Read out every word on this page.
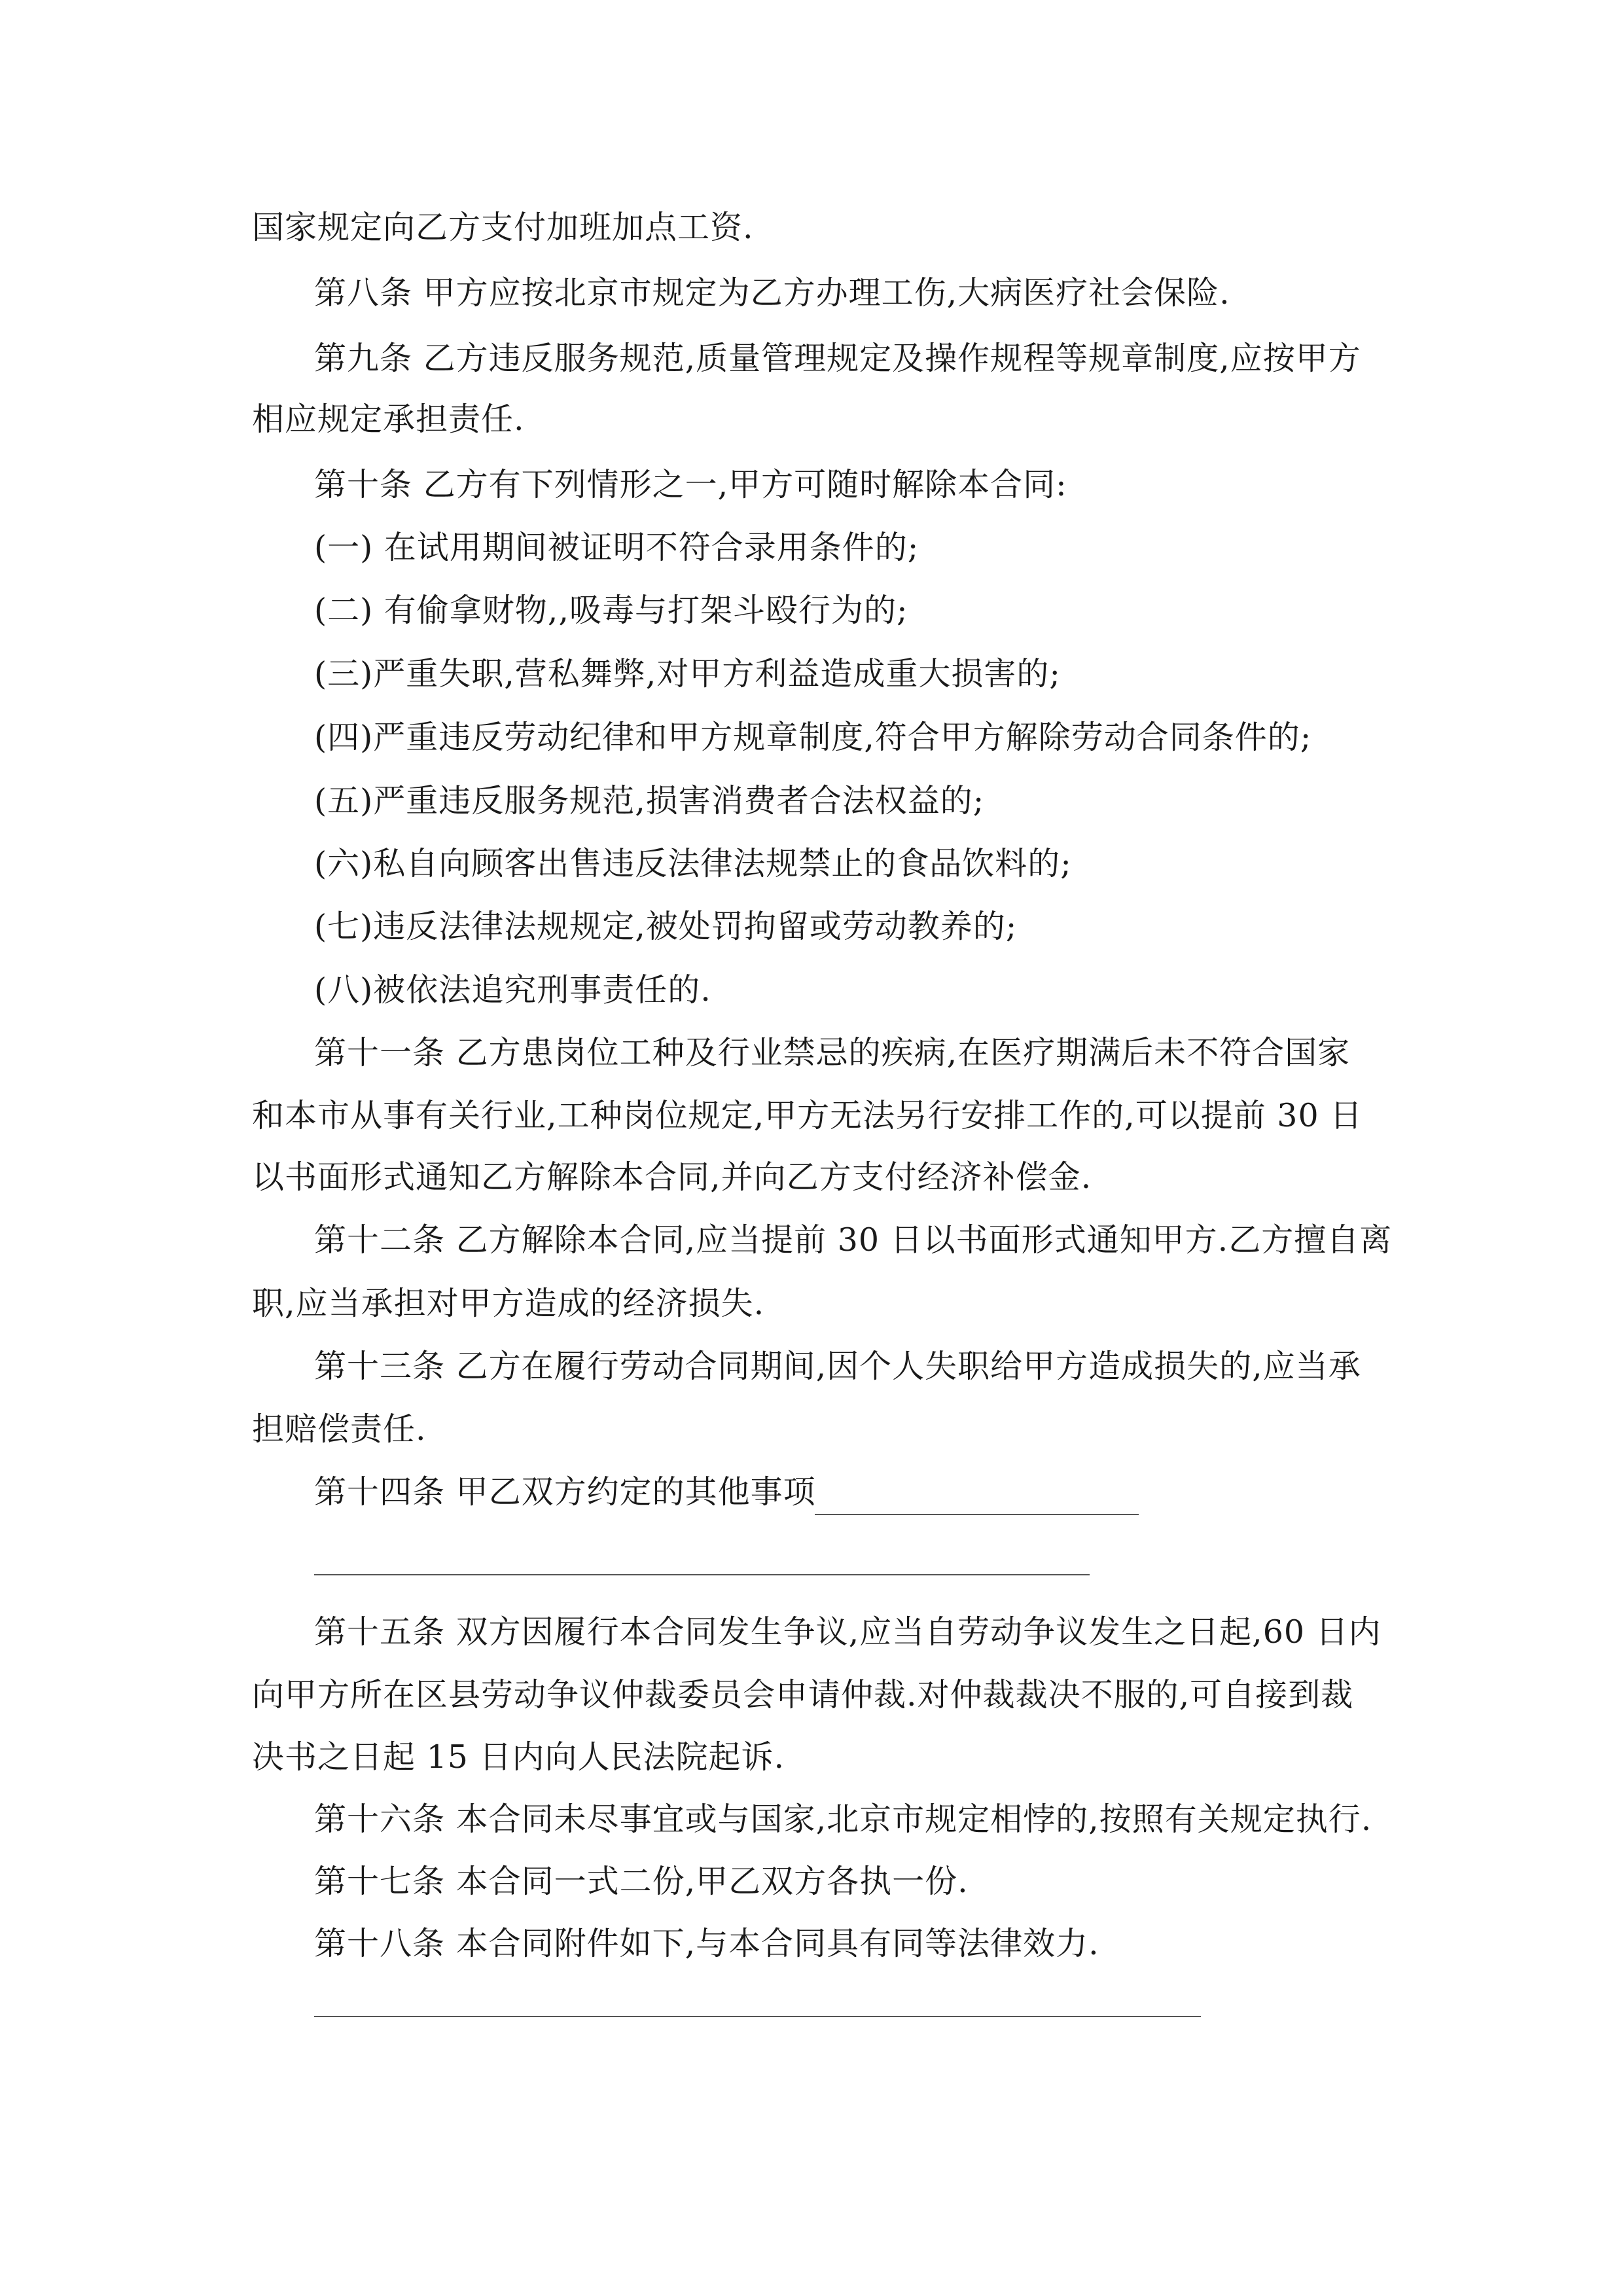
国家规定向乙方支付加班加点工资.
第八条 甲方应按北京市规定为乙方办理工伤,大病医疗社会保险.
第九条 乙方违反服务规范,质量管理规定及操作规程等规章制度,应按甲方
相应规定承担责任.
第十条 乙方有下列情形之一,甲方可随时解除本合同:
(一) 在试用期间被证明不符合录用条件的;
(二) 有偷拿财物,,吸毒与打架斗殴行为的;
(三)严重失职,营私舞弊,对甲方利益造成重大损害的;
(四)严重违反劳动纪律和甲方规章制度,符合甲方解除劳动合同条件的;
(五)严重违反服务规范,损害消费者合法权益的;
(六)私自向顾客出售违反法律法规禁止的食品饮料的;
(七)违反法律法规规定,被处罚拘留或劳动教养的;
(八)被依法追究刑事责任的.
第十一条 乙方患岗位工种及行业禁忌的疾病,在医疗期满后未不符合国家
和本市从事有关行业,工种岗位规定,甲方无法另行安排工作的,可以提前 30 日
以书面形式通知乙方解除本合同,并向乙方支付经济补偿金.
第十二条 乙方解除本合同,应当提前 30 日以书面形式通知甲方.乙方擅自离
职,应当承担对甲方造成的经济损失.
第十三条 乙方在履行劳动合同期间,因个人失职给甲方造成损失的,应当承
担赔偿责任.
第十四条 甲乙双方约定的其他事项
第十五条 双方因履行本合同发生争议,应当自劳动争议发生之日起,60 日内
向甲方所在区县劳动争议仲裁委员会申请仲裁.对仲裁裁决不服的,可自接到裁
决书之日起 15 日内向人民法院起诉.
第十六条 本合同未尽事宜或与国家,北京市规定相悖的,按照有关规定执行.
第十七条 本合同一式二份,甲乙双方各执一份.
第十八条 本合同附件如下,与本合同具有同等法律效力.
